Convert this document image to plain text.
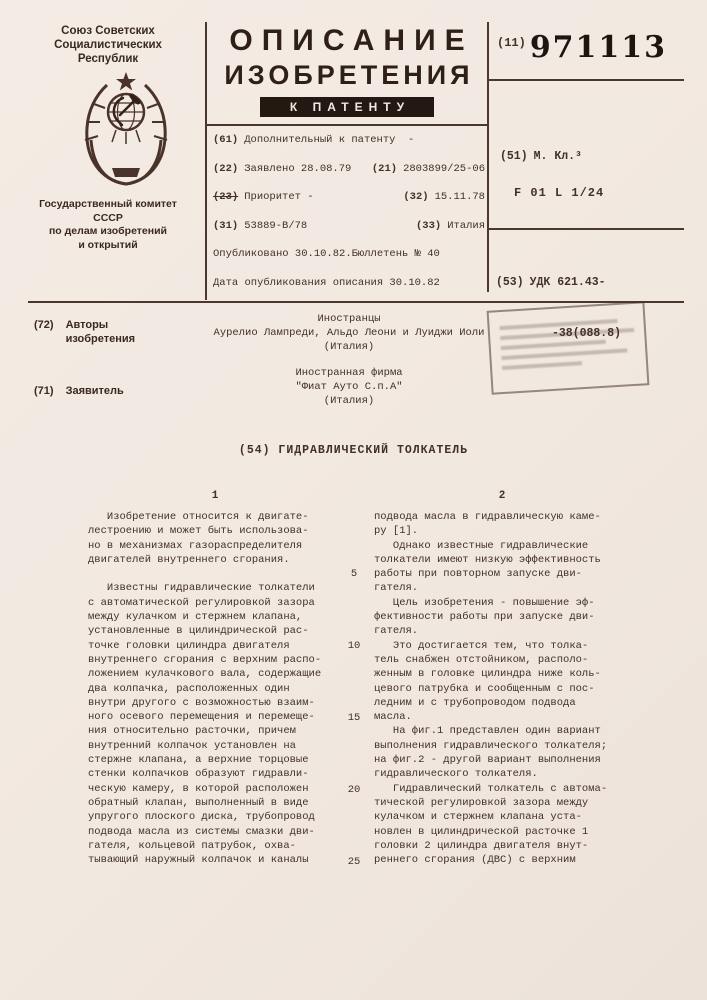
Союз Советских
Социалистических
Республик
Государственный комитет
СССР
по делам изобретений
и открытий
ОПИСАНИЕ
ИЗОБРЕТЕНИЯ
К ПАТЕНТУ
(61) Дополнительный к патенту  -
(22) Заявлено 28.08.79 (21) 2803899/25-06
(23) Приоритет -	(32) 15.11.78
(31) 53889-В/78	(33) Италия
Опубликовано 30.10.82.Бюллетень № 40
Дата опубликования описания 30.10.82
(11) 971113
(51) М. Кл.³
F 01 L 1/24

(53) УДК 621.43-

-38(088.8)

(72) Авторы
изобретения
Иностранцы
Аурелио Лампреди, Альдо Леони и Луиджи Иоли
(Италия)
(71) Заявитель
Иностранная фирма
"Фиат Ауто С.п.А"
(Италия)
(54) ГИДРАВЛИЧЕСКИЙ ТОЛКАТЕЛЬ
1	2
Изобретение относится к двигате-
лестроению и может быть использова-
но в механизмах газораспределителя
двигателей внутреннего сгорания.

Известны гидравлические толкатели
с автоматической регулировкой зазора
между кулачком и стержнем клапана,
установленные в цилиндрической рас-
точке головки цилиндра двигателя
внутреннего сгорания с верхним распо-
ложением кулачкового вала, содержащие
два колпачка, расположенных один
внутри другого с возможностью взаим-
ного осевого перемещения и перемеще-
ния относительно расточки, причем
внутренний колпачок установлен на
стержне клапана, а верхние торцовые
стенки колпачков образуют гидравли-
ческую камеру, в которой расположен
обратный клапан, выполненный в виде
упругого плоского диска, трубопровод
подвода масла из системы смазки дви-
гателя, кольцевой патрубок, охва-
тывающий наружный колпачок и каналы
подвода масла в гидравлическую каме-
ру [1].
Однако известные гидравлические
толкатели имеют низкую эффективность
работы при повторном запуске дви-
гателя.
Цель изобретения - повышение эф-
фективности работы при запуске дви-
гателя.
Это достигается тем, что толка-
тель снабжен отстойником, располо-
женным в головке цилиндра ниже коль-
цевого патрубка и сообщенным с пос-
ледним и с трубопроводом подвода
масла.
На фиг.1 представлен один вариант
выполнения гидравлического толкателя;
на фиг.2 - другой вариант выполнения
гидравлического толкателя.
Гидравлический толкатель с автома-
тической регулировкой зазора между
кулачком и стержнем клапана уста-
новлен в цилиндрической расточке 1
головки 2 цилиндра двигателя внут-
реннего сгорания (ДВС) с верхним
5
10
15
20
25
